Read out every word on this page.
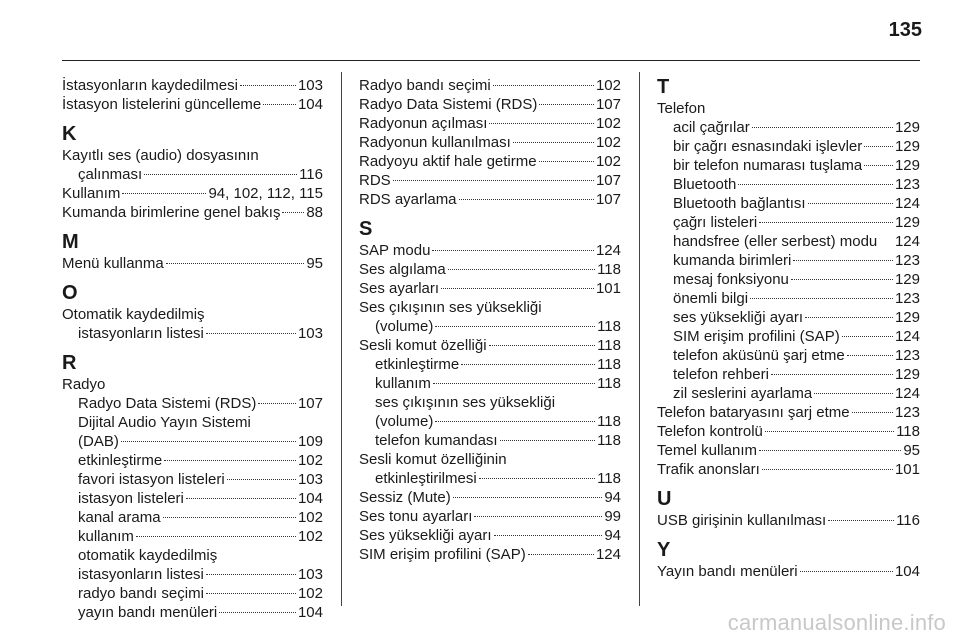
135
İstasyonların kaydedilmesi	103
İstasyon listelerini güncelleme 104
K
Kayıtlı ses (audio) dosyasının
çalınması	116
Kullanım	94, 102, 112, 115
Kumanda birimlerine genel bakış 88
M
Menü kullanma	95
O
Otomatik kaydedilmiş
istasyonların listesi	103
R
Radyo
Radyo Data Sistemi (RDS)	107
Dijital Audio Yayın Sistemi
(DAB)	109
etkinleştirme	102
favori istasyon listeleri	103
istasyon listeleri	104
kanal arama	102
kullanım	102
otomatik kaydedilmiş
istasyonların listesi	103
radyo bandı seçimi	102
yayın bandı menüleri	104
Radyo bandı seçimi	102
Radyo Data Sistemi (RDS)	107
Radyonun açılması	102
Radyonun kullanılması	102
Radyoyu aktif hale getirme	102
RDS	107
RDS ayarlama	107
S
SAP modu	124
Ses algılama	118
Ses ayarları	101
Ses çıkışının ses yüksekliği
(volume)	118
Sesli komut özelliği	118
etkinleştirme	118
kullanım	118
ses çıkışının ses yüksekliği
(volume)	118
telefon kumandası	118
Sesli komut özelliğinin
etkinleştirilmesi	118
Sessiz (Mute)	94
Ses tonu ayarları	99
Ses yüksekliği ayarı	94
SIM erişim profilini (SAP)	124
T
Telefon
acil çağrılar	129
bir çağrı esnasındaki işlevler 129
bir telefon numarası tuşlama 129
Bluetooth	123
Bluetooth bağlantısı	124
çağrı listeleri	129
handsfree (eller serbest) modu 124
kumanda birimleri	123
mesaj fonksiyonu	129
önemli bilgi	123
ses yüksekliği ayarı	129
SIM erişim profilini (SAP)	124
telefon aküsünü şarj etme	123
telefon rehberi	129
zil seslerini ayarlama	124
Telefon bataryasını şarj etme	123
Telefon kontrolü	118
Temel kullanım	95
Trafik anonsları	101
U
USB girişinin kullanılması	116
Y
Yayın bandı menüleri	104
carmanualsonline.info
